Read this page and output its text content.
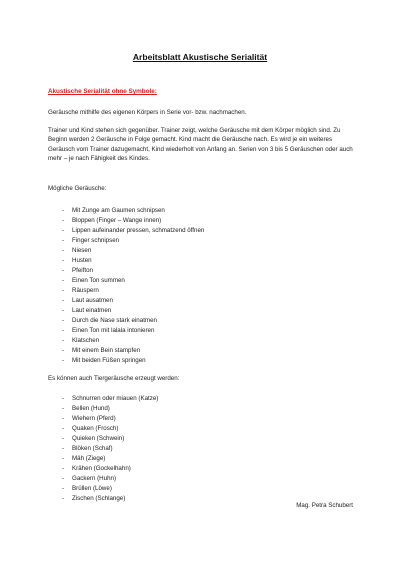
Arbeitsblatt Akustische Serialität
Akustische Serialität ohne Symbole:
Geräusche mithilfe des eigenen Körpers in Serie vor- bzw. nachmachen.
Trainer und Kind stehen sich gegenüber. Trainer zeigt, welche Geräusche mit dem Körper möglich sind. Zu Beginn werden 2 Geräusche in Folge gemacht. Kind macht die Geräusche nach. Es wird je ein weiteres Geräusch vom Trainer dazugemacht, Kind wiederholt von Anfang an. Serien von 3 bis 5 Geräuschen oder auch mehr – je nach Fähigkeit des Kindes.
Mögliche Geräusche:
- Mit Zunge am Gaumen schnipsen
- Bloppen (Finger – Wange innen)
- Lippen aufeinander pressen, schmatzend öffnen
- Finger schnipsen
- Niesen
- Husten
- Pfeifton
- Einen Ton summen
- Räuspern
- Laut ausatmen
- Laut einatmen
- Durch die Nase stark einatmen
- Einen Ton mit lalala intonieren
- Klatschen
- Mit einem Bein stampfen
- Mit beiden Füßen springen
Es können auch Tiergeräusche erzeugt werden:
- Schnurren oder miauen (Katze)
- Bellen (Hund)
- Wiehern (Pferd)
- Quaken (Frosch)
- Quieken (Schwein)
- Blöken (Schaf)
- Mäh (Ziege)
- Krähen (Gockelhahn)
- Gackern (Huhn)
- Brüllen (Löwe)
- Zischen (Schlange)
Mag. Petra Schubert
